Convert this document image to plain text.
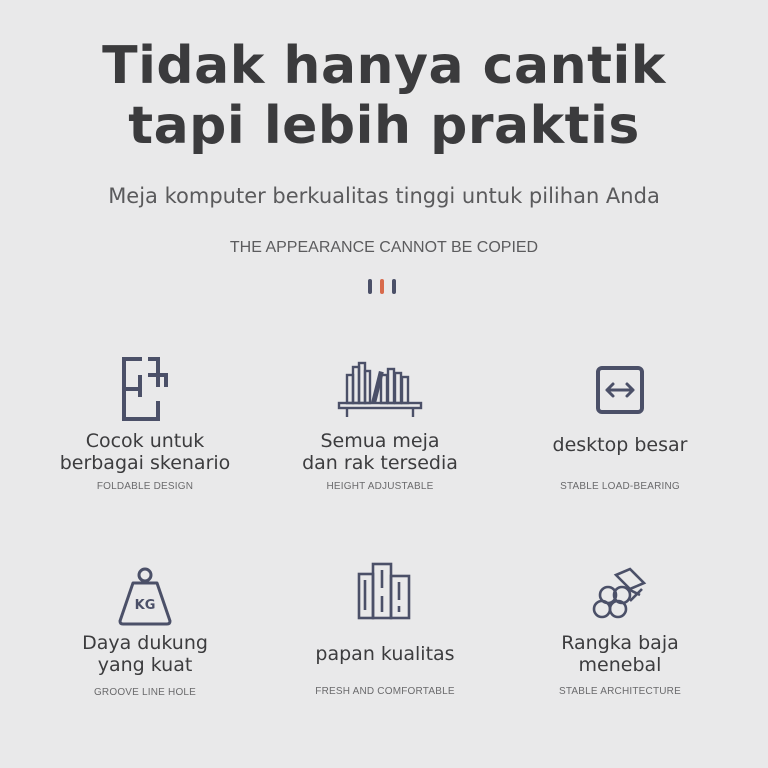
Tidak hanya cantik
tapi lebih praktis
Meja komputer berkualitas tinggi untuk pilihan Anda
THE APPEARANCE CANNOT BE COPIED
Cocok untuk
berbagai skenario
FOLDABLE DESIGN
Semua meja
dan rak tersedia
HEIGHT ADJUSTABLE
desktop besar
STABLE LOAD-BEARING
KG
Daya dukung
yang kuat
GROOVE LINE HOLE
papan kualitas
FRESH AND COMFORTABLE
Rangka baja
menebal
STABLE ARCHITECTURE
